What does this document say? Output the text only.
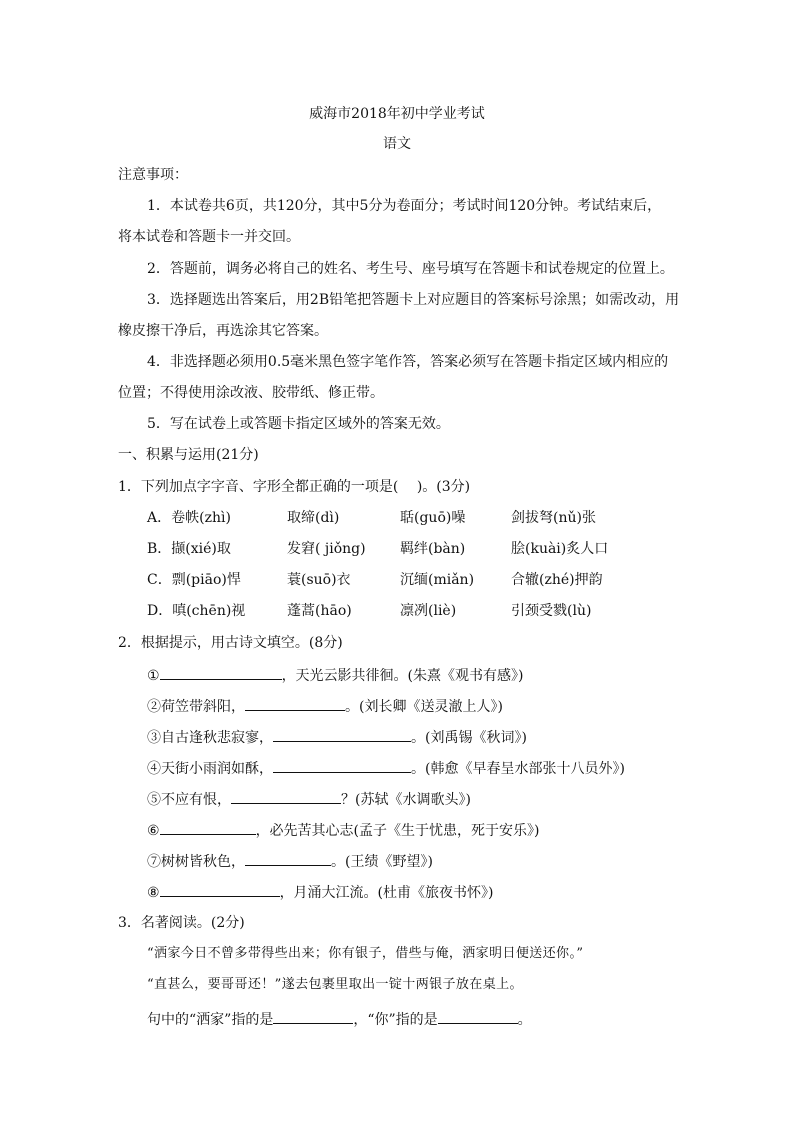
威海市2018年初中学业考试
语文
注意事项：
1．本试卷共6页，共120分，其中5分为卷面分；考试时间120分钟。考试结束后，
将本试卷和答题卡一并交回。
2．答题前，调务必将自己的姓名、考生号、座号填写在答题卡和试卷规定的位置上。
3．选择题选出答案后，用2B铅笔把答题卡上对应题目的答案标号涂黑；如需改动，用
橡皮擦干净后，再选涂其它答案。
4．非选择题必须用0.5毫米黑色签字笔作答，答案必须写在答题卡指定区域内相应的
位置；不得使用涂改液、胶带纸、修正带。
5．写在试卷上或答题卡指定区域外的答案无效。
一、积累与运用(21分)
1．下列加点字字音、字形全都正确的一项是(　 )。(3分)
A．卷帙(zhì)	取缔(dì)	聒(guō)噪	剑拔弩(nǔ)张
B．撷(xié)取	发窘( jiǒng) 羁绊(bàn)	脍(kuài)炙人口
C．剽(piāo)悍	蓑(suō)衣	沉缅(miǎn)	合辙(zhé)押韵
D．嗔(chēn)视	蓬蒿(hāo)	凛冽(liè)	引颈受戮(lù)
2．根据提示，用古诗文填空。(8分)
①	，天光云影共徘徊。(朱熹《观书有感》)
②荷笠带斜阳，	。(刘长卿《送灵澈上人》)
③自古逢秋悲寂寥，	。(刘禹锡《秋词》)
④天街小雨润如酥，	。(韩愈《早春呈水部张十八员外》)
⑤不应有恨，	？(苏轼《水调歌头》)
⑥	，必先苦其心志(孟子《生于忧患，死于安乐》)
⑦树树皆秋色，	。(王绩《野望》)
⑧	，月涌大江流。(杜甫《旅夜书怀》)
3．名著阅读。(2分)
“洒家今日不曾多带得些出来；你有银子，借些与俺，洒家明日便送还你。”
“直甚么，要哥哥还！”遂去包裹里取出一锭十两银子放在桌上。
句中的“洒家”指的是	，“你”指的是	。
